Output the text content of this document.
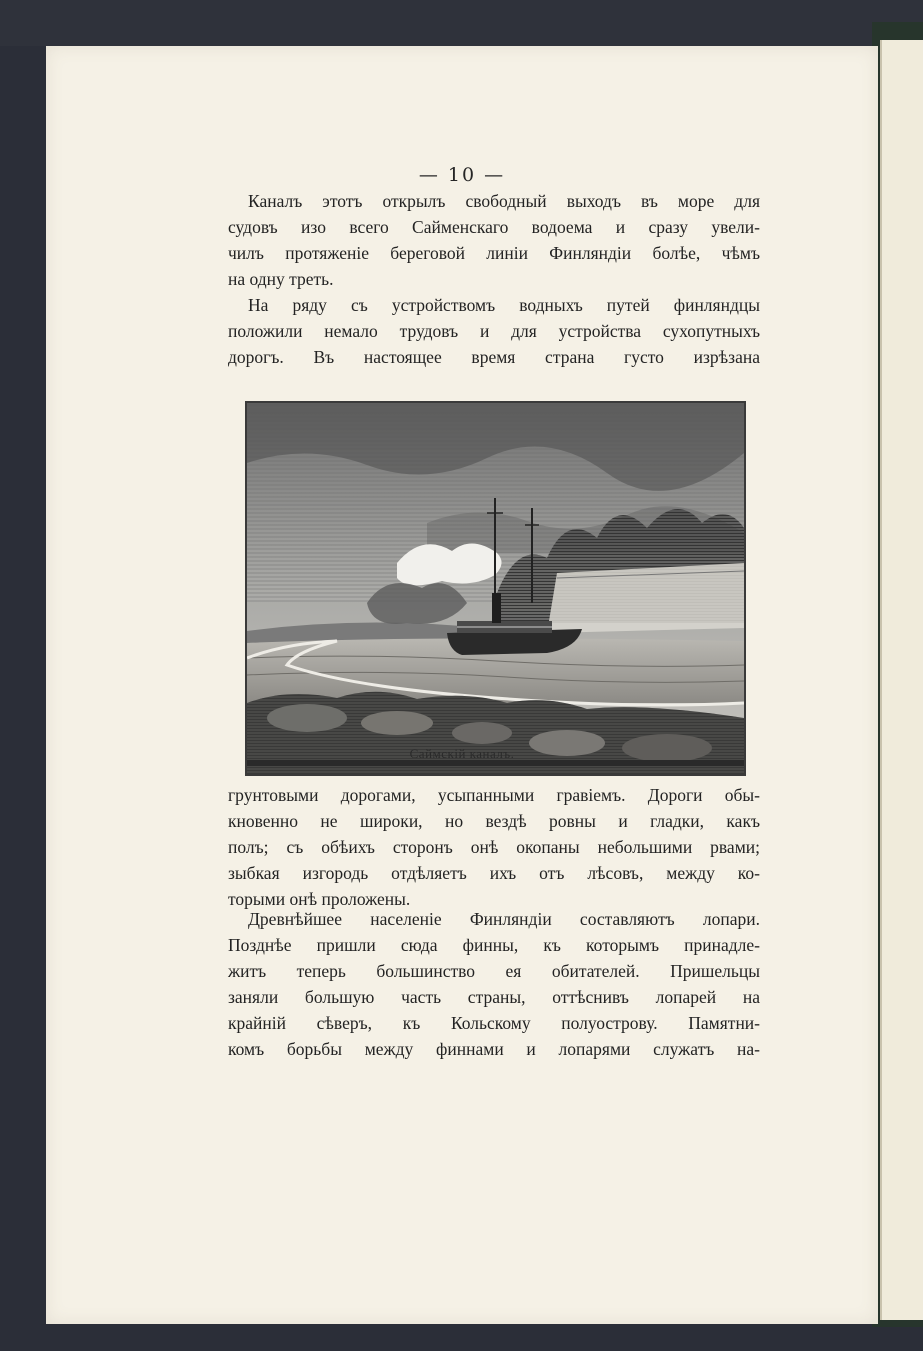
— 10 —
Каналъ этотъ открылъ свободный выходъ въ море для
судовъ изо всего Сайменскаго водоема и сразу увели-
чилъ протяженiе береговой линiи Финляндiи болѣе, чѣмъ
на одну треть.
На ряду съ устройствомъ водныхъ путей финляндцы
положили немало трудовъ и для устройства сухопутныхъ
дорогъ. Въ настоящее время страна густо изрѣзана
Саймскiй каналъ.
грунтовыми дорогами, усыпанными гравiемъ. Дороги обы-
кновенно не широки, но вездѣ ровны и гладки, какъ
полъ; съ обѣихъ сторонъ онѣ окопаны небольшими рвами;
зыбкая изгородь отдѣляетъ ихъ отъ лѣсовъ, между ко-
торыми онѣ проложены.
Древнѣйшее населенiе Финляндiи составляютъ лопари.
Позднѣе пришли сюда финны, къ которымъ принадле-
житъ теперь большинство ея обитателей. Пришельцы
заняли большую часть страны, оттѣснивъ лопарей на
крайнiй сѣверъ, къ Кольскому полуострову. Памятни-
комъ борьбы между финнами и лопарями служатъ на-
